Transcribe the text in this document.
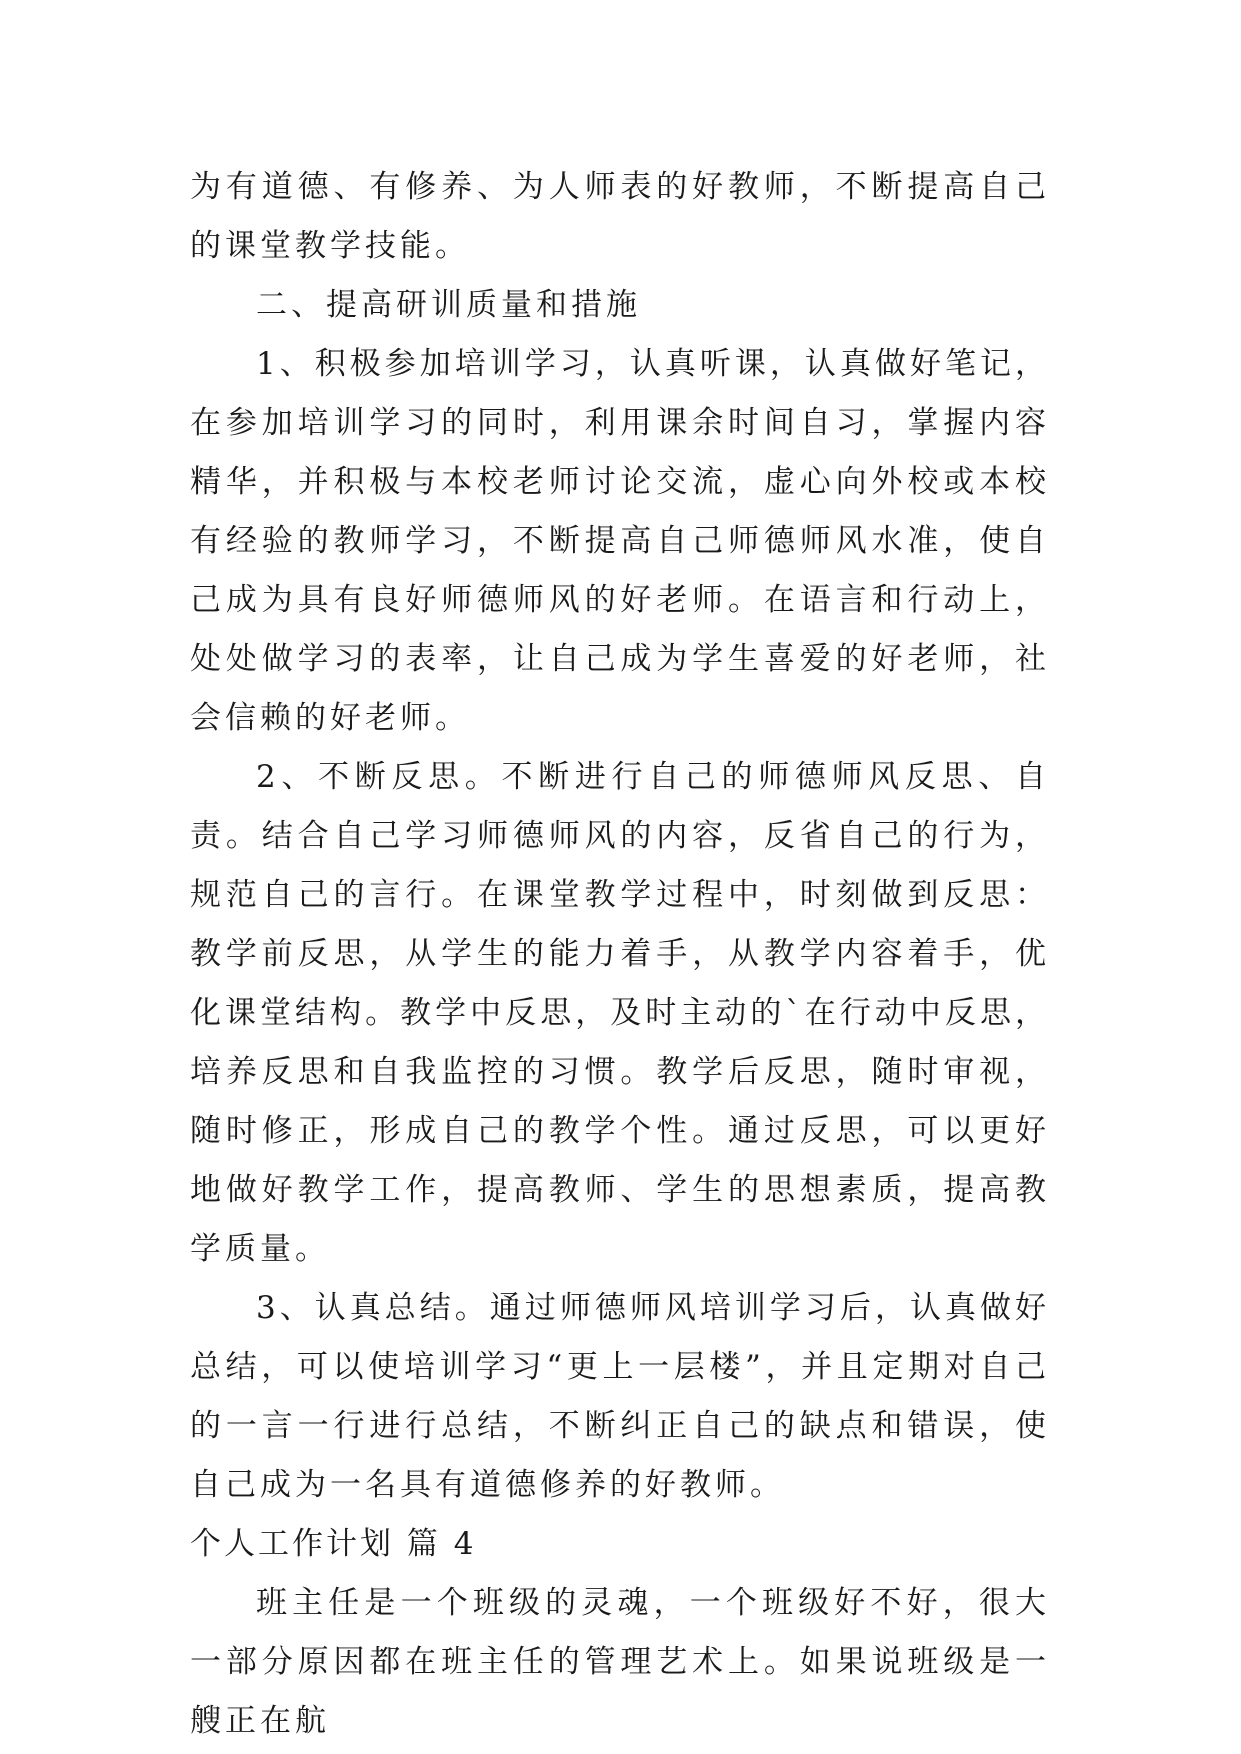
为有道德、有修养、为人师表的好教师，不断提高自己的课堂教学技能。

二、提高研训质量和措施

1、积极参加培训学习，认真听课，认真做好笔记，在参加培训学习的同时，利用课余时间自习，掌握内容精华，并积极与本校老师讨论交流，虚心向外校或本校有经验的教师学习，不断提高自己师德师风水准，使自己成为具有良好师德师风的好老师。在语言和行动上，处处做学习的表率，让自己成为学生喜爱的好老师，社会信赖的好老师。

2、不断反思。不断进行自己的师德师风反思、自责。结合自己学习师德师风的内容，反省自己的行为，规范自己的言行。在课堂教学过程中，时刻做到反思：教学前反思，从学生的能力着手，从教学内容着手，优化课堂结构。教学中反思，及时主动的`在行动中反思，培养反思和自我监控的习惯。教学后反思，随时审视，随时修正，形成自己的教学个性。通过反思，可以更好地做好教学工作，提高教师、学生的思想素质，提高教学质量。

3、认真总结。通过师德师风培训学习后，认真做好总结，可以使培训学习“更上一层楼”，并且定期对自己的一言一行进行总结，不断纠正自己的缺点和错误，使自己成为一名具有道德修养的好教师。

个人工作计划 篇 4

班主任是一个班级的灵魂，一个班级好不好，很大一部分原因都在班主任的管理艺术上。如果说班级是一艘正在航
